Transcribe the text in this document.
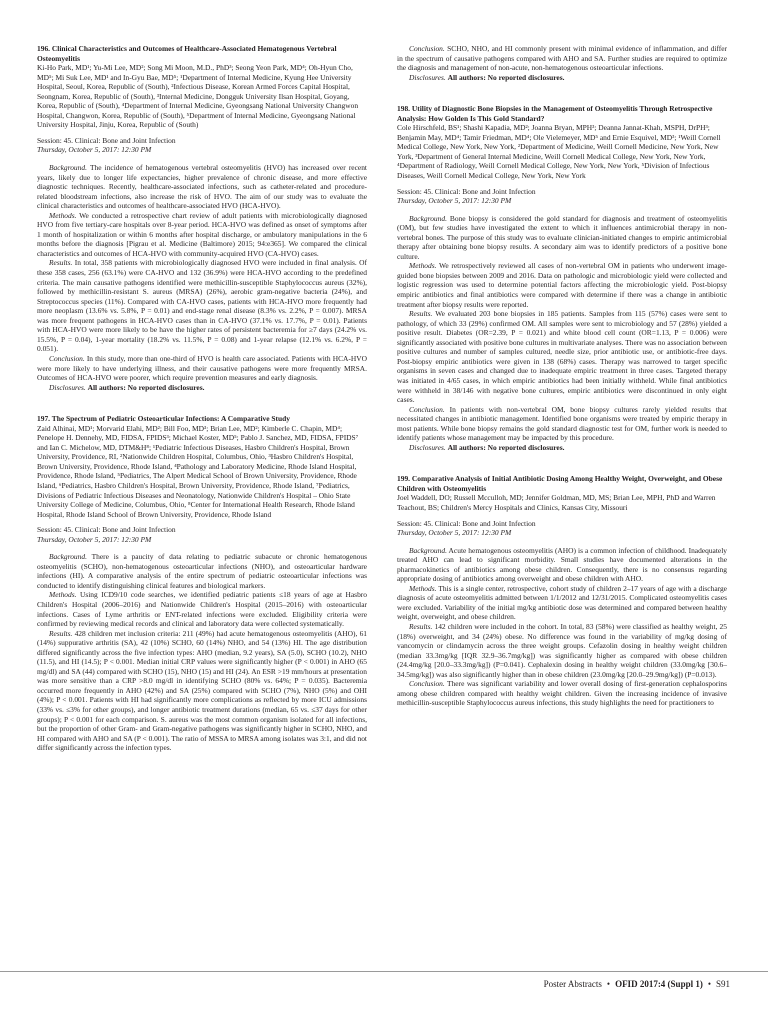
196. Clinical Characteristics and Outcomes of Healthcare-Associated Hematogenous Vertebral Osteomyelitis

Ki-Ho Park, MD¹; Yu-Mi Lee, MD²; Song Mi Moon, M.D., PhD³; Seong Yeon Park, MD⁴; Oh-Hyun Cho, MD⁵; Mi Suk Lee, MD¹ and In-Gyu Bae, MD⁵; ¹Department of Internal Medicine, Kyung Hee University Hospital, Seoul, Korea, Republic of (South), ²Infectious Disease, Korean Armed Forces Capital Hospital, Seongnam, Korea, Republic of (South), ³Internal Medicine, Dongguk University Ilsan Hospital, Goyang, Korea, Republic of (South), ⁴Department of Internal Medicine, Gyeongsang National University Changwon Hospital, Changwon, Korea, Republic of (South), ⁵Department of Internal Medicine, Gyeongsang National University Hospital, Jinju, Korea, Republic of (South)

Session: 45. Clinical: Bone and Joint Infection

Thursday, October 5, 2017: 12:30 PM

Background. The incidence of hematogenous vertebral osteomyelitis (HVO) has increased over recent years, likely due to longer life expectancies, higher prevalence of chronic disease, and more effective diagnostic techniques. Recently, healthcare-associated infections, such as catheter-related and procedure-related bloodstream infections, also increase the risk of HVO. The aim of our study was to evaluate the clinical characteristics and outcomes of healthcare-associated HVO (HCA-HVO).

Methods. We conducted a retrospective chart review of adult patients with microbiologically diagnosed HVO from five tertiary-care hospitals over 8-year period. HCA-HVO was defined as onset of symptoms after 1 month of hospitalization or within 6 months after hospital discharge, or ambulatory manipulations in the 6 months before the diagnosis [Pigrau et al. Medicine (Baltimore) 2015; 94:e365]. We compared the clinical characteristics and outcomes of HCA-HVO with community-acquired HVO (CA-HVO) cases.

Results. In total, 358 patients with microbiologically diagnosed HVO were included in final analysis. Of these 358 cases, 256 (63.1%) were CA-HVO and 132 (36.9%) were HCA-HVO according to the predefined criteria. The main causative pathogens identified were methicillin-susceptible Staphylococcus aureus (32%), followed by methicillin-resistant S. aureus (MRSA) (26%), aerobic gram-negative bacteria (24%), and Streptococcus species (11%). Compared with CA-HVO cases, patients with HCA-HVO more frequently had more neoplasm (13.6% vs. 5.8%, P = 0.01) and end-stage renal disease (8.3% vs. 2.2%, P = 0.007). MRSA was more frequent pathogens in HCA-HVO cases than in CA-HVO (37.1% vs. 17.7%, P = 0.01). Patients with HCA-HVO were more likely to be have the higher rates of persistent bacteremia for ≥7 days (24.2% vs. 15.5%, P = 0.04), 1-year mortality (18.2% vs. 11.5%, P = 0.08) and 1-year relapse (12.1% vs. 6.2%, P = 0.051).

Conclusion. In this study, more than one-third of HVO is health care associated. Patients with HCA-HVO were more likely to have underlying illness, and their causative pathogens were more frequently MRSA. Outcomes of HCA-HVO were poorer, which require prevention measures and early diagnosis.

Disclosures. All authors: No reported disclosures.

197. The Spectrum of Pediatric Osteoarticular Infections: A Comparative Study

Zaid Alhinai, MD¹; Morvarid Elahi, MD²; Bill Foo, MD³; Brian Lee, MD²; Kimberle C. Chapin, MD⁴; Penelope H. Dennehy, MD, FIDSA, FPIDS³; Michael Koster, MD⁵; Pablo J. Sanchez, MD, FIDSA, FPIDS⁷ and Ian C. Michelow, MD, DTM&H⁸; ¹Pediatric Infectious Diseases, Hasbro Children's Hospital, Brown University, Providence, RI, ²Nationwide Children Hospital, Columbus, Ohio, ³Hasbro Children's Hospital, Brown University, Providence, Rhode Island, ⁴Pathology and Laboratory Medicine, Rhode Island Hospital, Providence, Rhode Island, ⁵Pediatrics, The Alpert Medical School of Brown University, Providence, Rhode Island, ⁶Pediatrics, Hasbro Children's Hospital, Brown University, Providence, Rhode Island, ⁷Pediatrics, Divisions of Pediatric Infectious Diseases and Neonatology, Nationwide Children's Hospital – Ohio State University College of Medicine, Columbus, Ohio, ⁸Center for International Health Research, Rhode Island Hospital, Rhode Island School of Brown University, Providence, Rhode Island

Session: 45. Clinical: Bone and Joint Infection

Thursday, October 5, 2017: 12:30 PM

Background. There is a paucity of data relating to pediatric subacute or chronic hematogenous osteomyelitis (SCHO), non-hematogenous osteoarticular infections (NHO), and osteoarticular hardware infections (HI). A comparative analysis of the entire spectrum of pediatric osteoarticular infections was conducted to identify distinguishing clinical features and biological markers.

Methods. Using ICD9/10 code searches, we identified pediatric patients ≤18 years of age at Hasbro Children's Hospital (2006–2016) and Nationwide Children's Hospital (2015–2016) with osteoarticular infections. Cases of Lyme arthritis or ENT-related infections were excluded. Eligibility criteria were confirmed by reviewing medical records and clinical and laboratory data were collected systematically.

Results. 428 children met inclusion criteria: 211 (49%) had acute hematogenous osteomyelitis (AHO), 61 (14%) suppurative arthritis (SA), 42 (10%) SCHO, 60 (14%) NHO, and 54 (13%) HI. The age distribution differed significantly across the five infection types: AHO (median, 9.2 years), SA (5.0), SCHO (10.2), NHO (11.5), and HI (14.5); P < 0.001. Median initial CRP values were significantly higher (P < 0.001) in AHO (65 mg/dl) and SA (44) compared with SCHO (15), NHO (15) and HI (24). An ESR >19 mm/hours at presentation was more sensitive than a CRP >8.0 mg/dl in identifying SCHO (80% vs. 64%; P = 0.035). Bacteremia occurred more frequently in AHO (42%) and SA (25%) compared with SCHO (7%), NHO (5%) and OHI (4%); P < 0.001. Patients with HI had significantly more complications as reflected by more ICU admissions (33% vs. ≤3% for other groups), and longer antibiotic treatment durations (median, 65 vs. ≤37 days for other groups); P < 0.001 for each comparison. S. aureus was the most common organism isolated for all infections, but the proportion of other Gram- and Gram-negative pathogens was significantly higher in SCHO, NHO, and HI compared with AHO and SA (P < 0.001). The ratio of MSSA to MRSA among isolates was 3:1, and did not differ significantly across the infection types.

Conclusion. SCHO, NHO, and HI commonly present with minimal evidence of inflammation, and differ in the spectrum of causative pathogens compared with AHO and SA. Further studies are required to optimize the diagnosis and management of non-acute, non-hematogenous osteoarticular infections.

Disclosures. All authors: No reported disclosures.

198. Utility of Diagnostic Bone Biopsies in the Management of Osteomyelitis Through Retrospective Analysis: How Golden Is This Gold Standard?

Cole Hirschfeld, BS¹; Shashi Kapadia, MD²; Joanna Bryan, MPH³; Deanna Jannat-Khah, MSPH, DrPH³; Benjamin May, MD⁴; Tamir Friedman, MD⁴; Ole Vielemeyer, MD⁵ and Ernie Esquivel, MD³; ¹Weill Cornell Medical College, New York, New York, ²Department of Medicine, Weill Cornell Medicine, New York, New York, ³Department of General Internal Medicine, Weill Cornell Medical College, New York, New York, ⁴Department of Radiology, Weill Cornell Medical College, New York, New York, ⁵Division of Infectious Diseases, Weill Cornell Medical College, New York, New York

Session: 45. Clinical: Bone and Joint Infection

Thursday, October 5, 2017: 12:30 PM

Background. Bone biopsy is considered the gold standard for diagnosis and treatment of osteomyelitis (OM), but few studies have investigated the extent to which it influences antimicrobial therapy in non-vertebral bones. The purpose of this study was to evaluate clinician-initiated changes to empiric antimicrobial therapy after obtaining bone biopsy results. A secondary aim was to identify predictors of a positive bone culture.

Methods. We retrospectively reviewed all cases of non-vertebral OM in patients who underwent image-guided bone biopsies between 2009 and 2016. Data on pathologic and microbiologic yield were collected and logistic regression was used to determine potential factors affecting the microbiologic yield. Post-biopsy empiric antibiotics and final antibiotics were compared with determine if there was a change in antibiotic treatment after biopsy results were reported.

Results. We evaluated 203 bone biopsies in 185 patients. Samples from 115 (57%) cases were sent to pathology, of which 33 (29%) confirmed OM. All samples were sent to microbiology and 57 (28%) yielded a positive result. Diabetes (OR=2.39, P = 0.021) and white blood cell count (OR=1.13, P = 0.006) were significantly associated with positive bone cultures in multivariate analyses. There was no association between positive cultures and number of samples cultured, needle size, prior antibiotic use, or antibiotic-free days. Post-biopsy empiric antibiotics were given in 138 (68%) cases. Therapy was narrowed to target specific organisms in seven cases and changed due to inadequate empiric treatment in three cases. Targeted therapy was initiated in 4/65 cases, in which empiric antibiotics had been initially withheld. While final antibiotics were withheld in 38/146 with negative bone cultures, empiric antibiotics were discontinued in only eight cases.

Conclusion. In patients with non-vertebral OM, bone biopsy cultures rarely yielded results that necessitated changes in antibiotic management. Identified bone organisms were treated by empiric therapy in most patients. While bone biopsy remains the gold standard diagnostic test for OM, further work is needed to identify patients whose management may be impacted by this procedure.

Disclosures. All authors: No reported disclosures.

199. Comparative Analysis of Initial Antibiotic Dosing Among Healthy Weight, Overweight, and Obese Children with Osteomyelitis

Joel Waddell, DO; Russell Mcculloh, MD; Jennifer Goldman, MD, MS; Brian Lee, MPH, PhD and Warren Teachout, BS; Children's Mercy Hospitals and Clinics, Kansas City, Missouri

Session: 45. Clinical: Bone and Joint Infection

Thursday, October 5, 2017: 12:30 PM

Background. Acute hematogenous osteomyelitis (AHO) is a common infection of childhood. Inadequately treated AHO can lead to significant morbidity. Small studies have documented alterations in the pharmacokinetics of antibiotics among obese children. Consequently, there is no consensus regarding appropriate dosing of antibiotics among overweight and obese children with AHO.

Methods. This is a single center, retrospective, cohort study of children 2–17 years of age with a discharge diagnosis of acute osteomyelitis admitted between 1/1/2012 and 12/31/2015. Complicated osteomyelitis cases were excluded. Variability of the initial mg/kg antibiotic dose was determined and compared between healthy weight, overweight, and obese children.

Results. 142 children were included in the cohort. In total, 83 (58%) were classified as healthy weight, 25 (18%) overweight, and 34 (24%) obese. No difference was found in the variability of mg/kg dosing of vancomycin or clindamycin across the three weight groups. Cefazolin dosing in healthy weight children (median 33.3mg/kg [IQR 32.9–36.7mg/kg]) was significantly higher as compared with obese children (24.4mg/kg [20.0–33.3mg/kg]) (P=0.041). Cephalexin dosing in healthy weight children (33.0mg/kg [30.6–34.5mg/kg]) was also significantly higher than in obese children (23.0mg/kg [20.0–29.9mg/kg]) (P=0.013).

Conclusion. There was significant variability and lower overall dosing of first-generation cephalosporins among obese children compared with healthy weight children. Given the increasing incidence of invasive methicillin-susceptible Staphylococcus aureus infections, this study highlights the need for practitioners to

Poster Abstracts • OFID 2017:4 (Suppl 1) • S91
